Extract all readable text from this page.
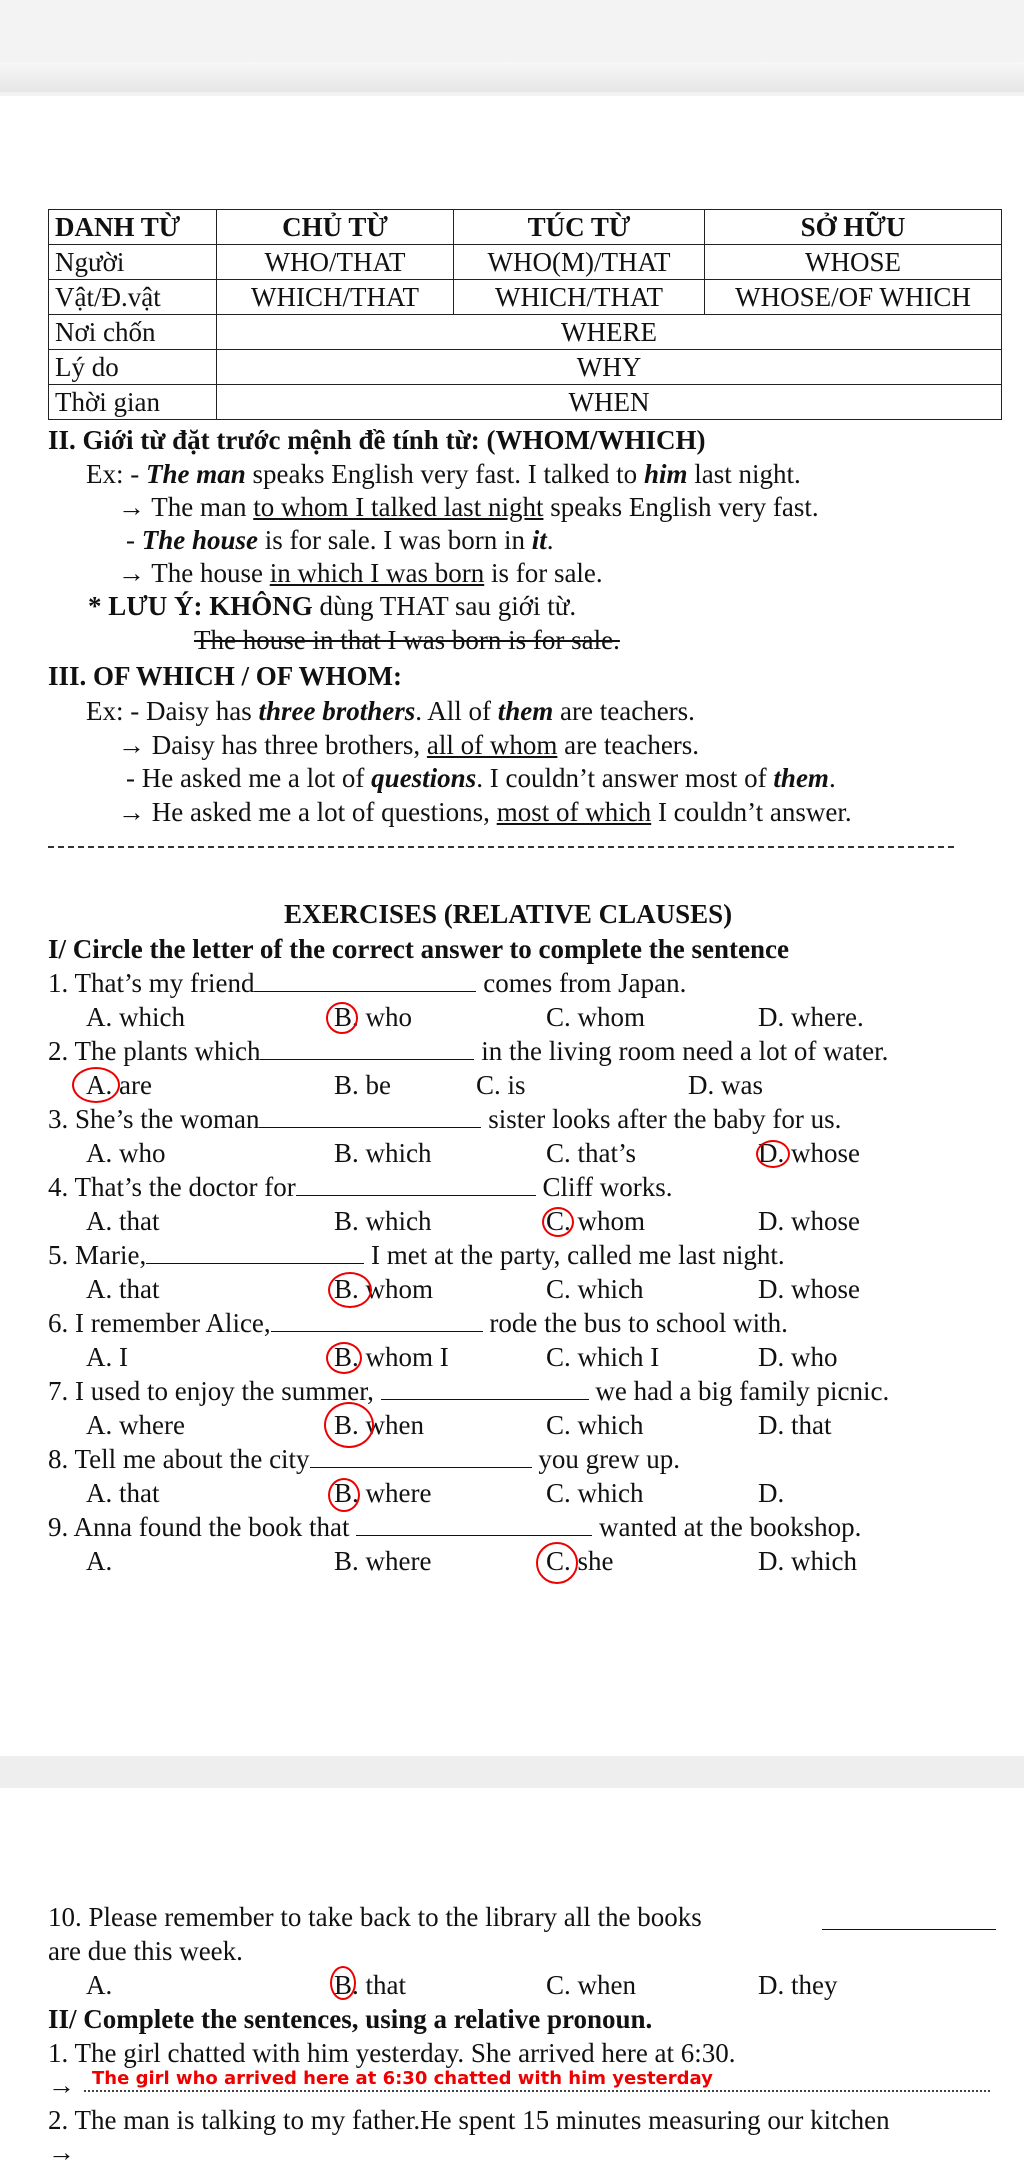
DANH TỪ	CHỦ TỪ	TÚC TỪ	SỞ HỮU
Người	WHO/THAT	WHO(M)/THAT	WHOSE
Vật/Đ.vật	WHICH/THAT	WHICH/THAT	WHOSE/OF WHICH
Nơi chốn	WHERE		
Lý do	WHY		
Thời gian	WHEN		
II. Giới từ đặt trước mệnh đề tính từ: (WHOM/WHICH)
Ex: - The man speaks English very fast. I talked to him last night.
→ The man to whom I talked last night speaks English very fast.
- The house is for sale. I was born in it.
→ The house in which I was born is for sale.
* LƯU Ý: KHÔNG dùng THAT sau giới từ.
The house in that I was born is for sale.
III. OF WHICH / OF WHOM:
Ex: - Daisy has three brothers. All of them are teachers.
→ Daisy has three brothers, all of whom are teachers.
- He asked me a lot of questions. I couldn’t answer most of them.
→ He asked me a lot of questions, most of which I couldn’t answer.
EXERCISES (RELATIVE CLAUSES)
I/ Circle the letter of the correct answer to complete the sentence
1. That’s my friend	comes from Japan.
A. which	B. who	C. whom	D. where.
2. The plants which	in the living room need a lot of water.
A. are	B. be	C. is	D. was
3. She’s the woman	sister looks after the baby for us.
A. who	B. which	C. that’s	D. whose
4. That’s the doctor for	Cliff works.
A. that	B. which	C. whom	D. whose
5. Marie,	I met at the party, called me last night.
A. that	B. whom	C. which	D. whose
6. I remember Alice,	rode the bus to school with.
A. I	B. whom I	C. which I	D. who
7. I used to enjoy the summer,	we had a big family picnic.
A. where	B. when	C. which	D. that
8. Tell me about the city	you grew up.
A. that	B. where	C. which	D.
9. Anna found the book that	wanted at the bookshop.
A.	B. where	C. she	D. which
10. Please remember to take back to the library all the books
are due this week.
A.	B. that	C. when	D. they
II/ Complete the sentences, using a relative pronoun.
1. The girl chatted with him yesterday. She arrived here at 6:30.
→ The girl who arrived here at 6:30 chatted with him yesterday
2. The man is talking to my father.He spent 15 minutes measuring our kitchen
→
